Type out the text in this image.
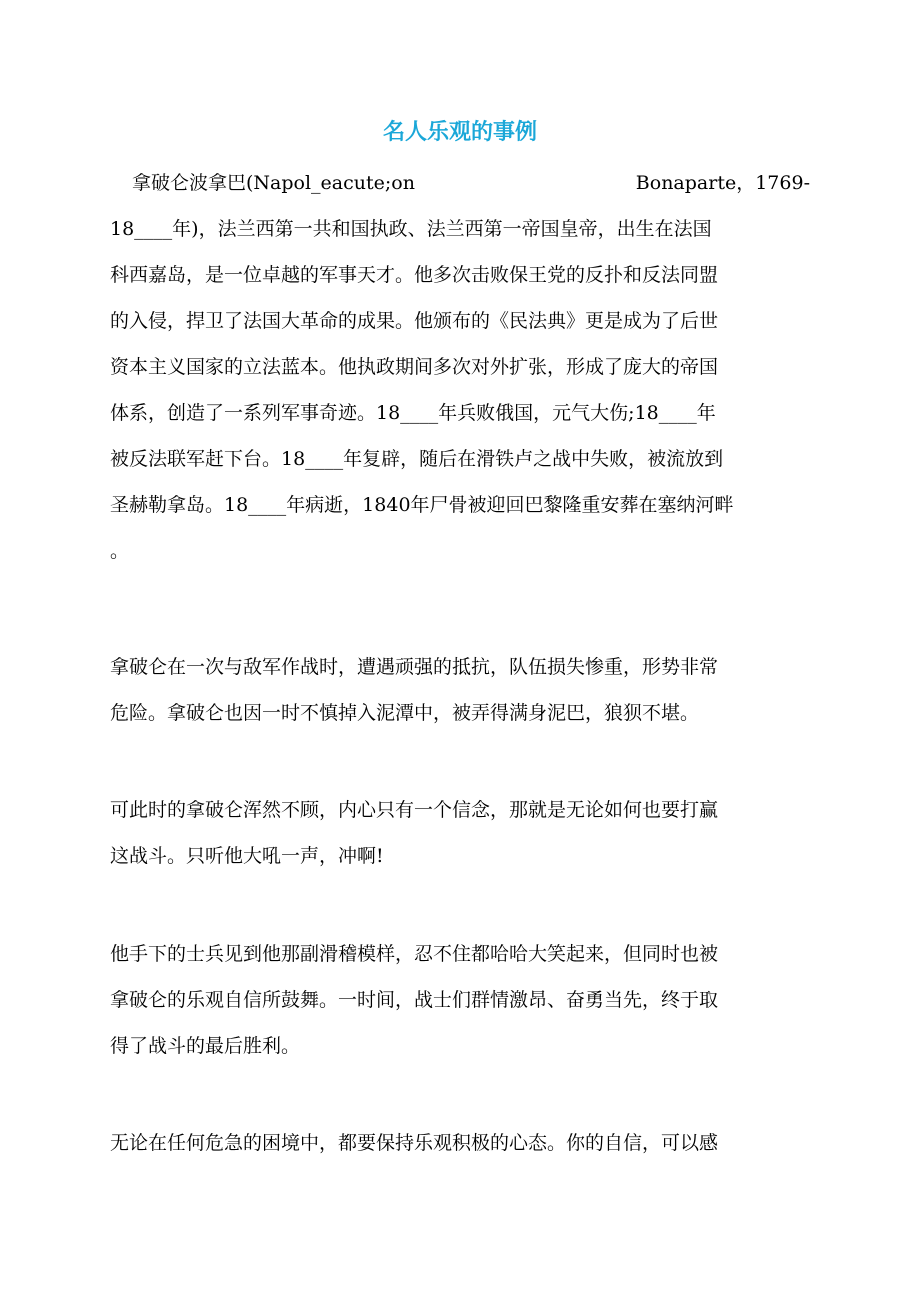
名人乐观的事例
拿破仑波拿巴(Napol_eacute;on	Bonaparte，1769-
18____年)，法兰西第一共和国执政、法兰西第一帝国皇帝，出生在法国
科西嘉岛，是一位卓越的军事天才。他多次击败保王党的反扑和反法同盟
的入侵，捍卫了法国大革命的成果。他颁布的《民法典》更是成为了后世
资本主义国家的立法蓝本。他执政期间多次对外扩张，形成了庞大的帝国
体系，创造了一系列军事奇迹。18____年兵败俄国，元气大伤;18____年
被反法联军赶下台。18____年复辟，随后在滑铁卢之战中失败，被流放到
圣赫勒拿岛。18____年病逝，1840年尸骨被迎回巴黎隆重安葬在塞纳河畔
。
拿破仑在一次与敌军作战时，遭遇顽强的抵抗，队伍损失惨重，形势非常
危险。拿破仑也因一时不慎掉入泥潭中，被弄得满身泥巴，狼狈不堪。
可此时的拿破仑浑然不顾，内心只有一个信念，那就是无论如何也要打赢
这战斗。只听他大吼一声，冲啊!
他手下的士兵见到他那副滑稽模样，忍不住都哈哈大笑起来，但同时也被
拿破仑的乐观自信所鼓舞。一时间，战士们群情激昂、奋勇当先，终于取
得了战斗的最后胜利。
无论在任何危急的困境中，都要保持乐观积极的心态。你的自信，可以感
